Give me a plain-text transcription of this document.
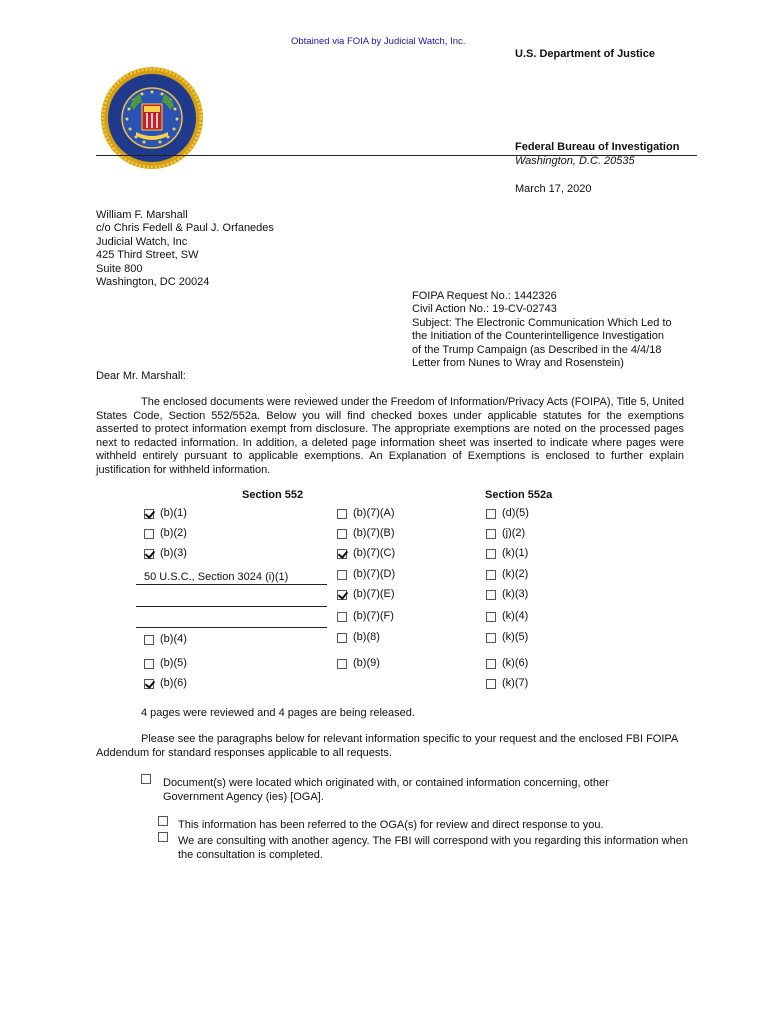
Obtained via FOIA by Judicial Watch, Inc.
U.S. Department of Justice
Federal Bureau of Investigation
Washington, D.C. 20535
March 17, 2020
William F. Marshall
c/o Chris Fedell & Paul J. Orfanedes
Judicial Watch, Inc
425 Third Street, SW
Suite 800
Washington, DC 20024
FOIPA Request No.: 1442326
Civil Action No.: 19-CV-02743
Subject: The Electronic Communication Which Led to
the Initiation of the Counterintelligence Investigation
of the Trump Campaign (as Described in the 4/4/18
Letter from Nunes to Wray and Rosenstein)
Dear Mr. Marshall:
The enclosed documents were reviewed under the Freedom of Information/Privacy Acts (FOIPA), Title 5, United States Code, Section 552/552a. Below you will find checked boxes under applicable statutes for the exemptions asserted to protect information exempt from disclosure. The appropriate exemptions are noted on the processed pages next to redacted information. In addition, a deleted page information sheet was inserted to indicate where pages were withheld entirely pursuant to applicable exemptions. An Explanation of Exemptions is enclosed to further explain justification for withheld information.
Section 552	Section 552a
(b)(1)
(b)(2)
(b)(3)
50 U.S.C., Section 3024 (i)(1)
(b)(4)
(b)(5)
(b)(6)
(b)(7)(A)
(b)(7)(B)
(b)(7)(C)
(b)(7)(D)
(b)(7)(E)
(b)(7)(F)
(b)(8)
(b)(9)
(d)(5)
(j)(2)
(k)(1)
(k)(2)
(k)(3)
(k)(4)
(k)(5)
(k)(6)
(k)(7)
4 pages were reviewed and 4 pages are being released.
Please see the paragraphs below for relevant information specific to your request and the enclosed FBI FOIPA Addendum for standard responses applicable to all requests.
Document(s) were located which originated with, or contained information concerning, other Government Agency (ies) [OGA].
This information has been referred to the OGA(s) for review and direct response to you.
We are consulting with another agency. The FBI will correspond with you regarding this information when the consultation is completed.
